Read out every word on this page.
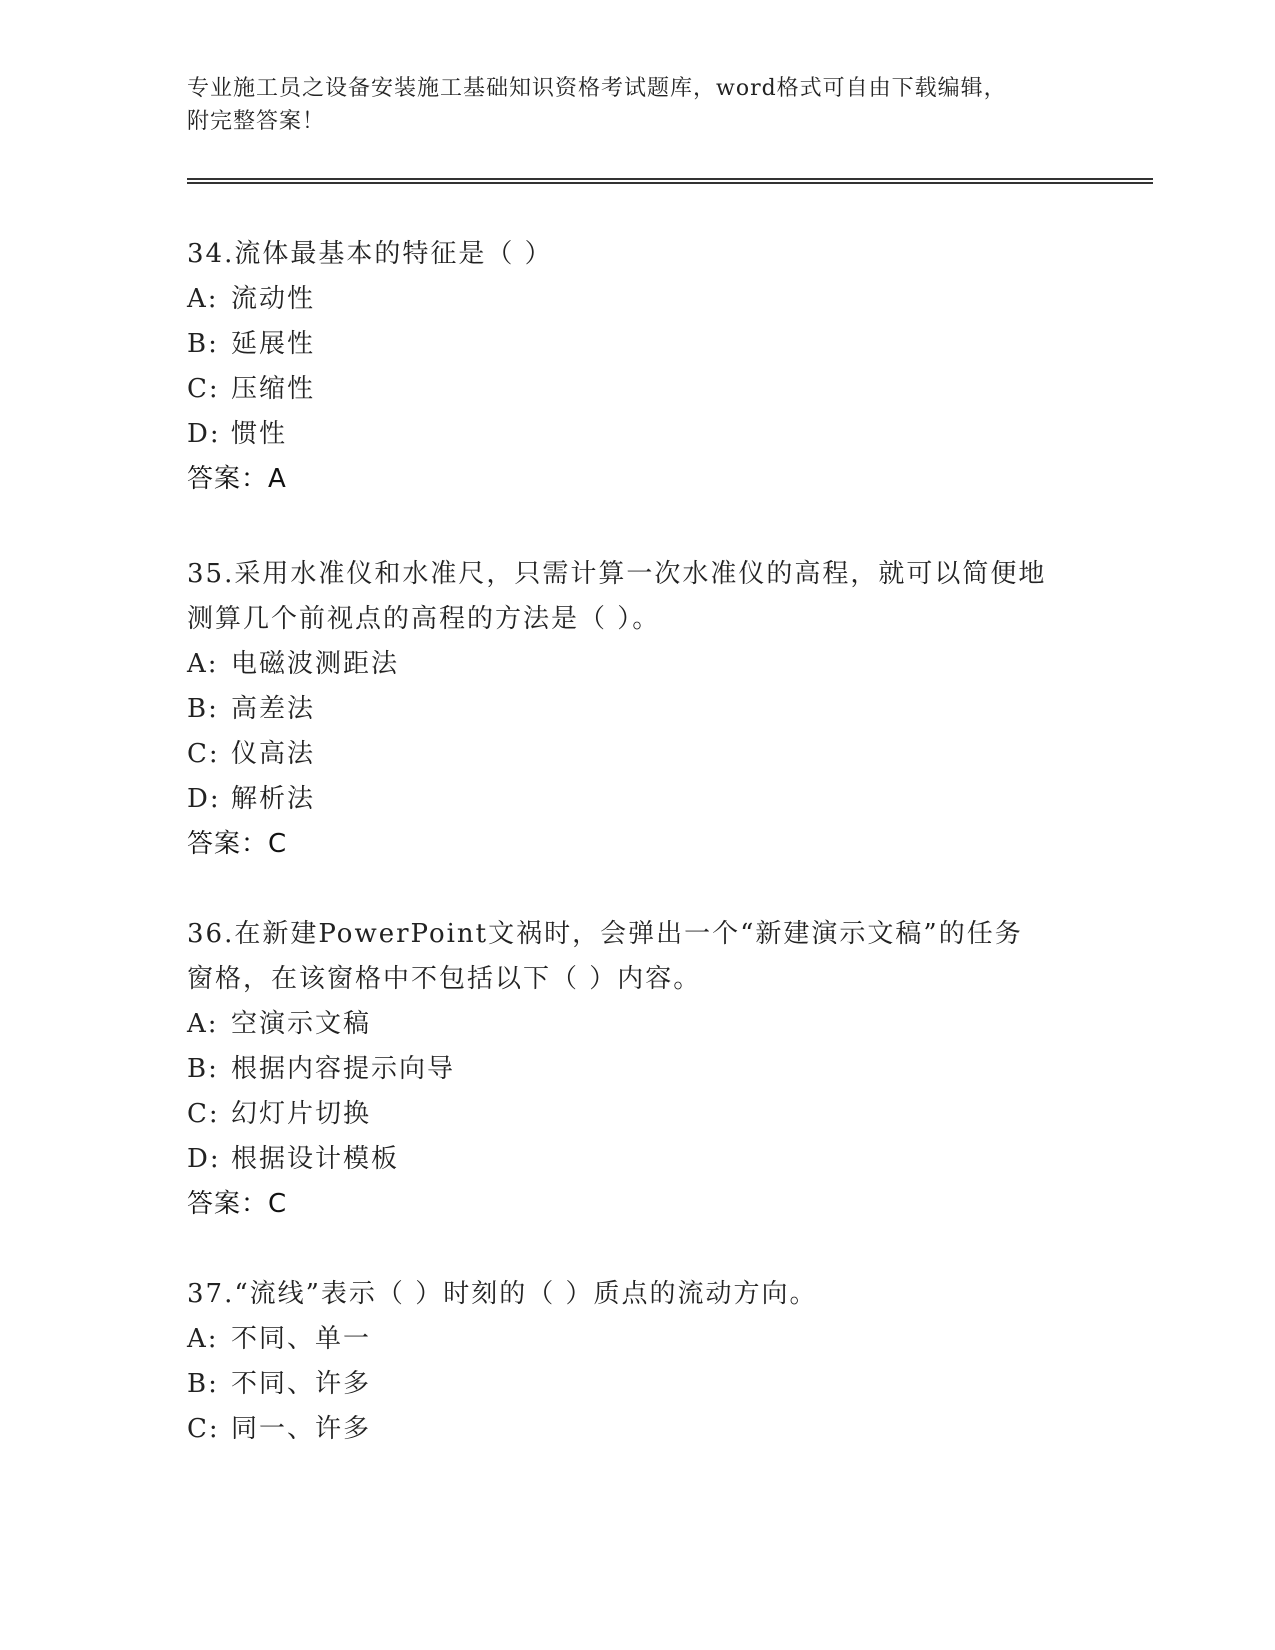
专业施工员之设备安装施工基础知识资格考试题库，word格式可自由下载编辑，
附完整答案！

34.流体最基本的特征是（ ）

A: 流动性

B: 延展性

C: 压缩性

D: 惯性

答案：A

35.采用水准仪和水准尺，只需计算一次水准仪的高程，就可以简便地

测算几个前视点的高程的方法是（ ）。

A: 电磁波测距法

B: 高差法

C: 仪高法

D: 解析法

答案：C

36.在新建PowerPoint文祸时，会弹出一个“新建演示文稿”的任务

窗格，在该窗格中不包括以下（ ）内容。

A: 空演示文稿

B: 根据内容提示向导

C: 幻灯片切换

D: 根据设计模板

答案：C

37.“流线”表示（ ）时刻的（ ）质点的流动方向。

A: 不同、单一

B: 不同、许多

C: 同一、许多
